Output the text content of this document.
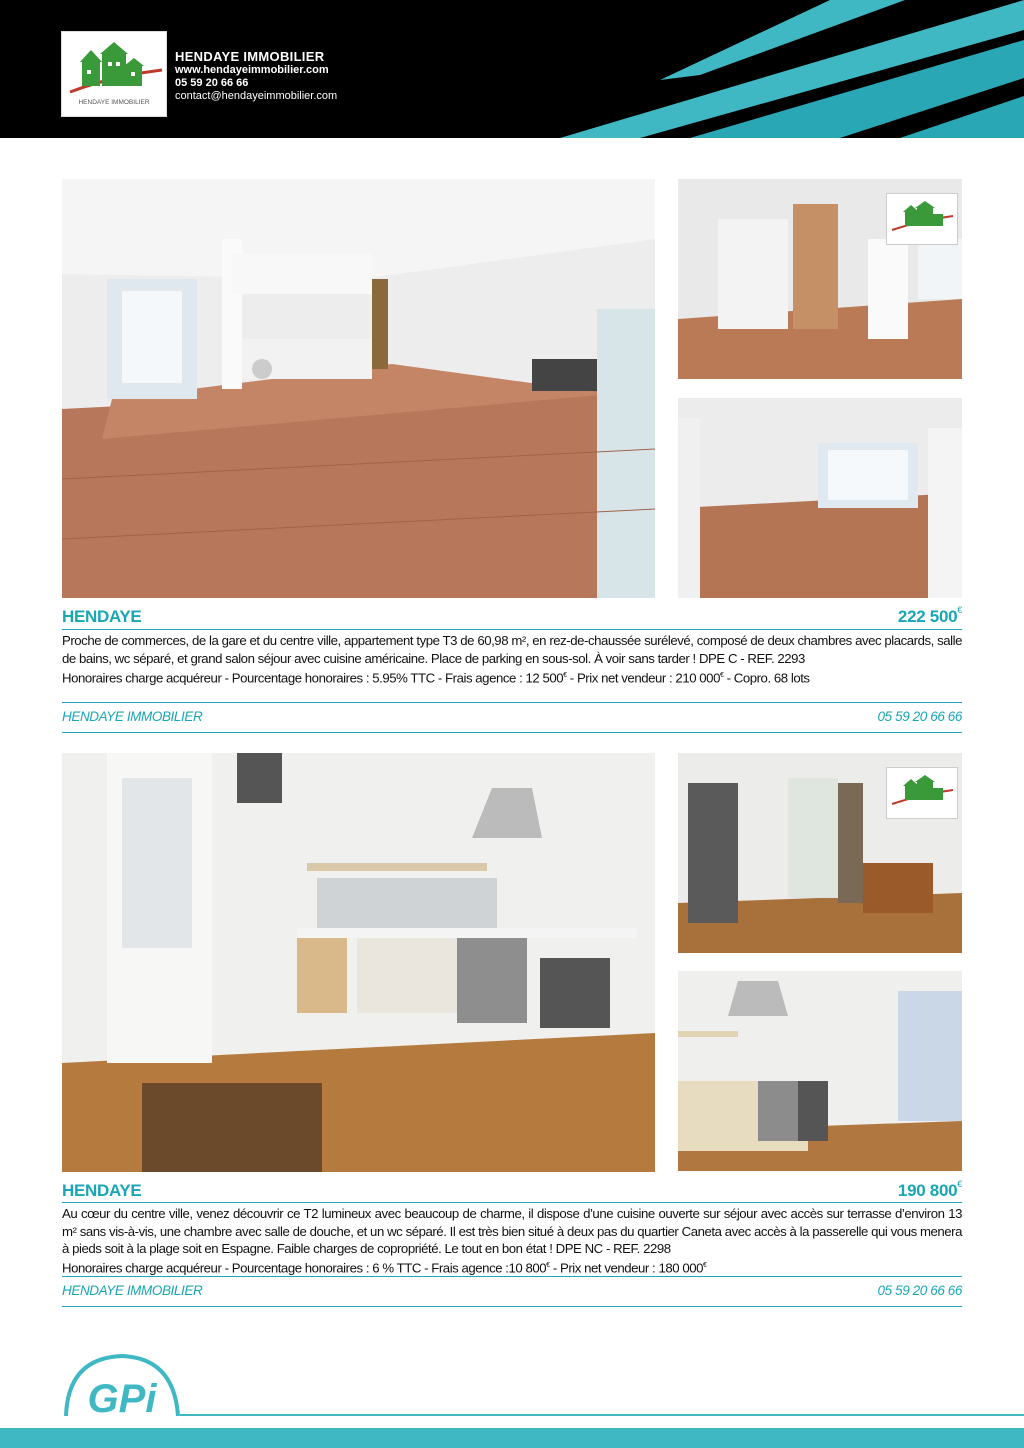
HENDAYE IMMOBILIER
HENDAYE IMMOBILIER
www.hendayeimmobilier.com
05 59 20 66 66
contact@hendayeimmobilier.com
HENDAYE	222 500€
Proche de commerces, de la gare et du centre ville, appartement type T3 de 60,98 m², en rez-de-chaussée surélevé, composé de deux chambres avec placards, salle de bains, wc séparé, et grand salon séjour avec cuisine américaine. Place de parking en sous-sol. À voir sans tarder ! DPE C - REF. 2293
Honoraires charge acquéreur - Pourcentage honoraires : 5.95% TTC - Frais agence : 12 500€ - Prix net vendeur : 210 000€ - Copro. 68 lots
HENDAYE IMMOBILIER	05 59 20 66 66
HENDAYE	190 800€
Au cœur du centre ville, venez découvrir ce T2 lumineux avec beaucoup de charme, il dispose d’une cuisine ouverte sur séjour avec accès sur terrasse d’environ 13 m² sans vis-à-vis, une chambre avec salle de douche, et un wc séparé. Il est très bien situé à deux pas du quartier Caneta avec accès à la passerelle qui vous menera à pieds soit à la plage soit en Espagne. Faible charges de copropriété. Le tout en bon état ! DPE NC - REF. 2298
Honoraires charge acquéreur - Pourcentage honoraires : 6 % TTC - Frais agence :10 800€ - Prix net vendeur : 180 000€
HENDAYE IMMOBILIER	05 59 20 66 66
GPi
